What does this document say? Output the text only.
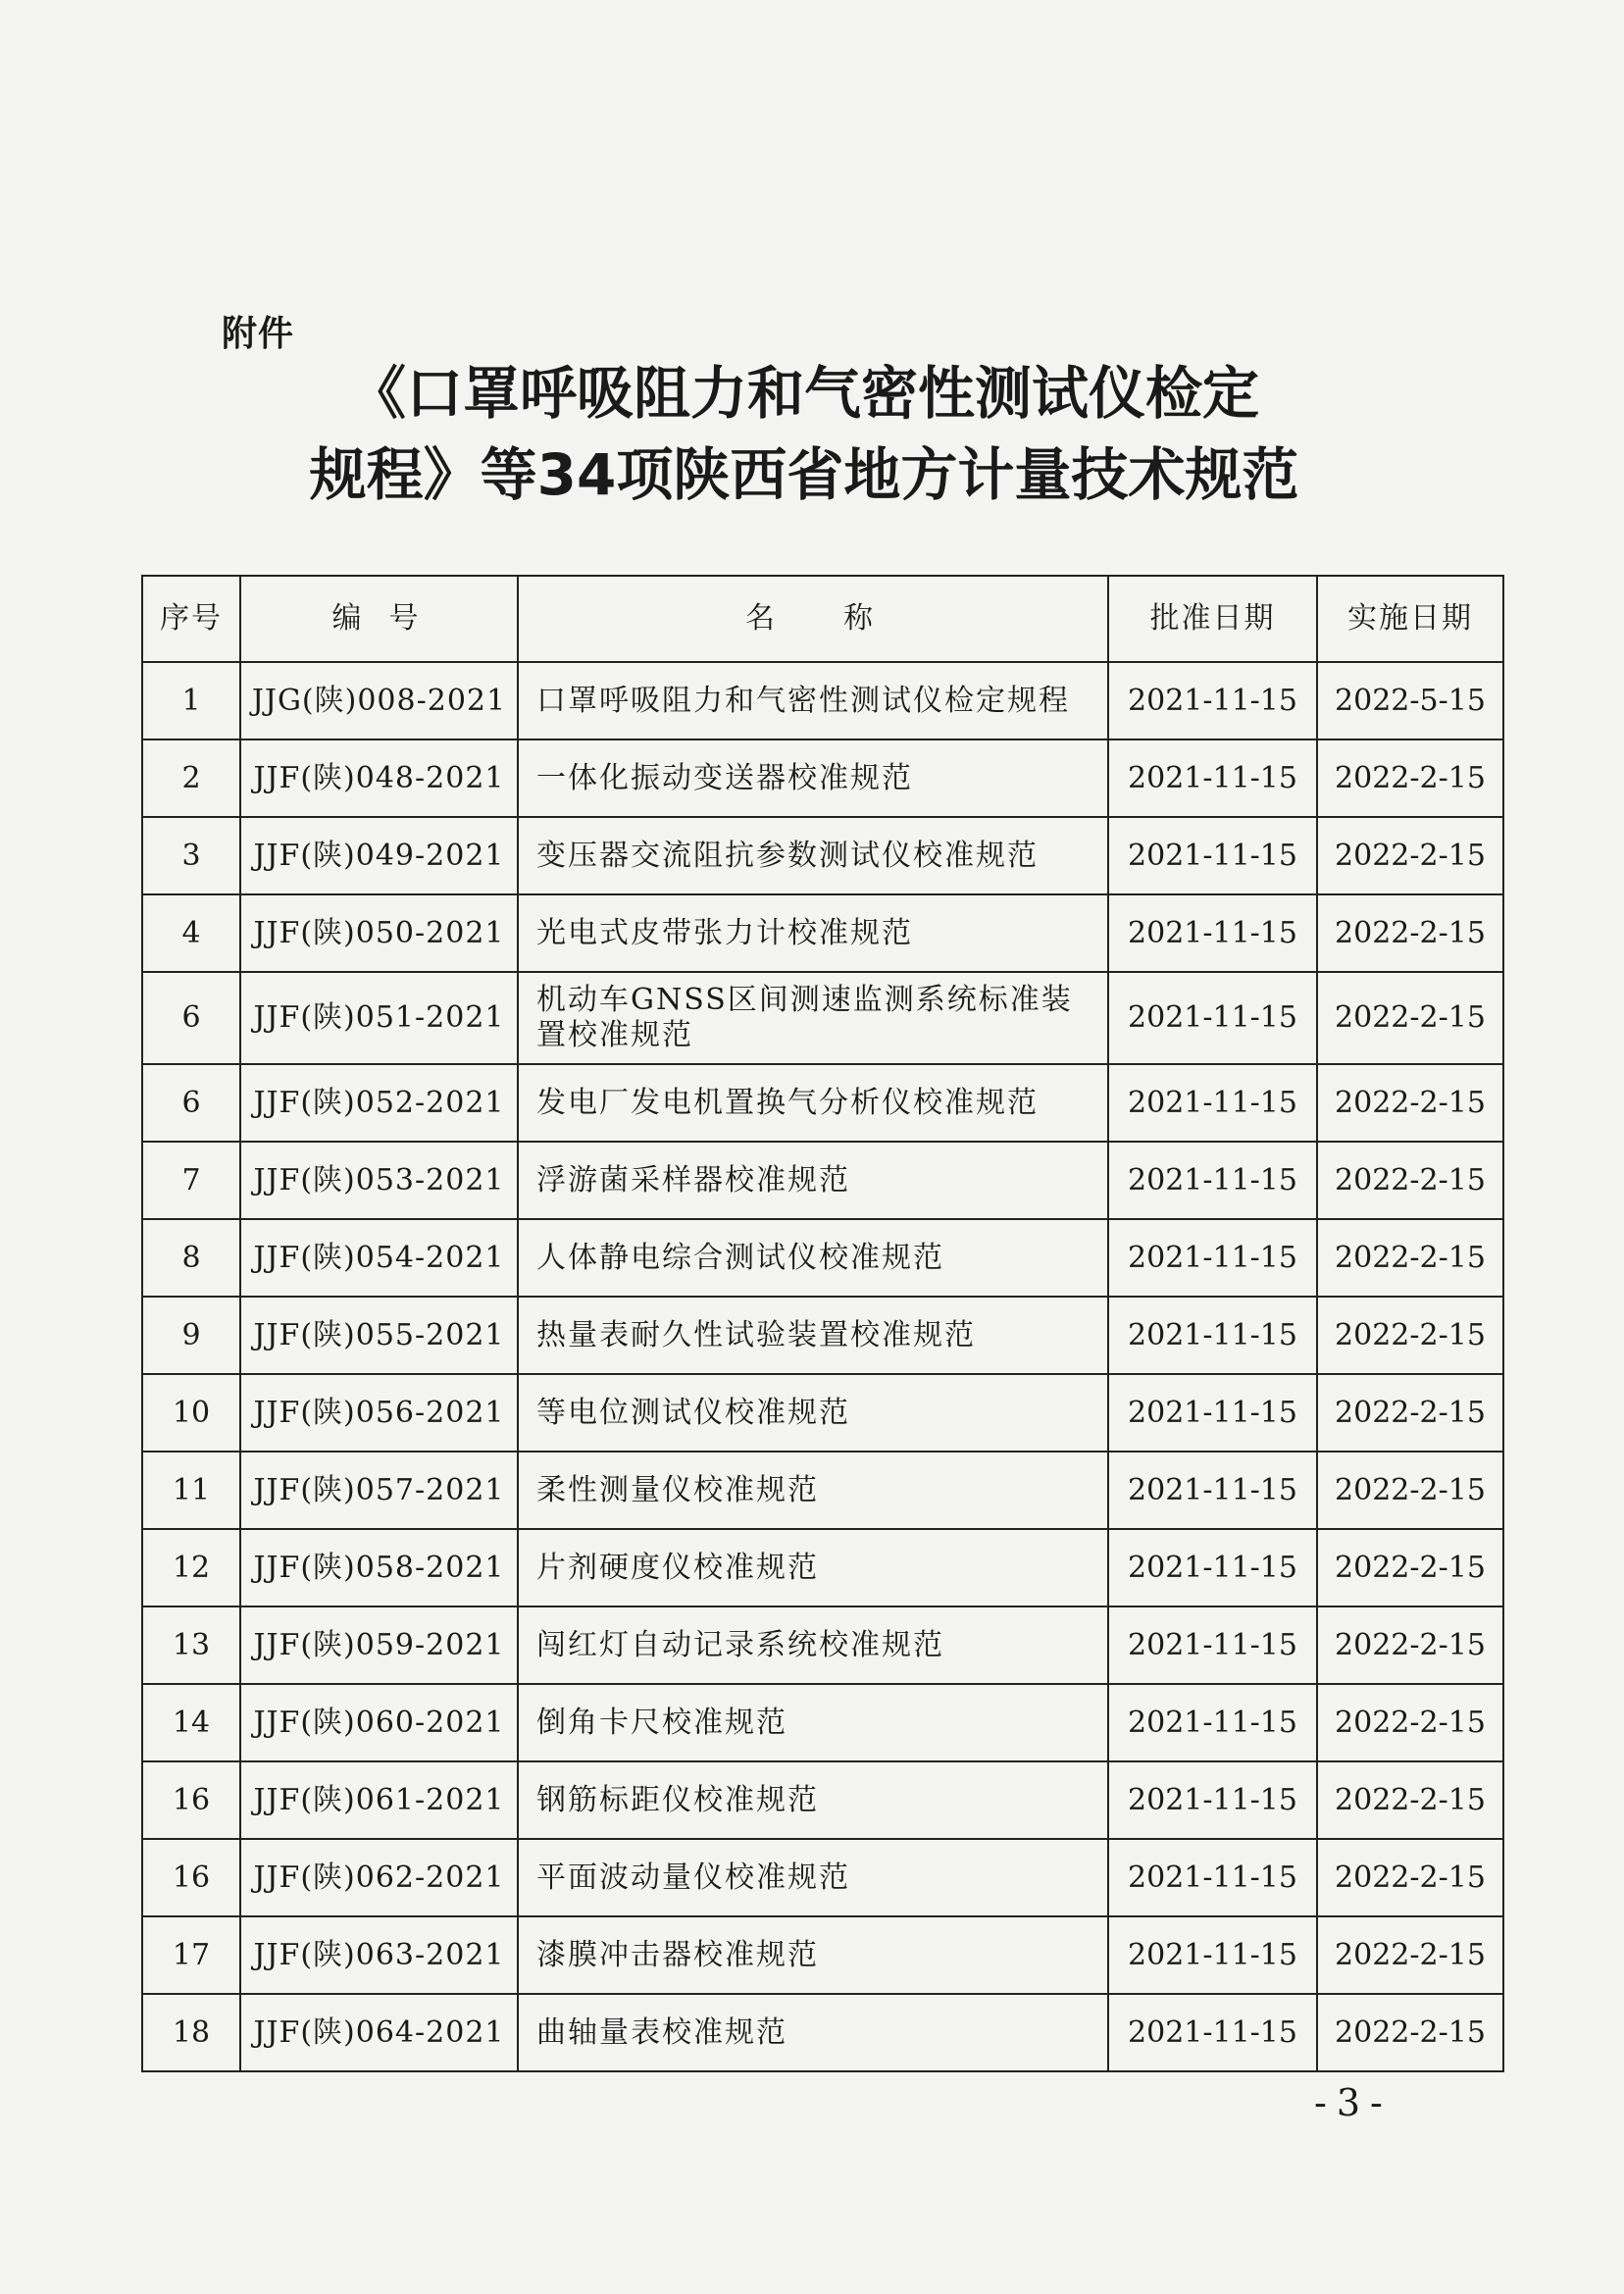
附件
《口罩呼吸阻力和气密性测试仪检定
规程》等34项陕西省地方计量技术规范
序号	编号	名称	批准日期	实施日期
1	JJG(陕)008-2021	口罩呼吸阻力和气密性测试仪检定规程	2021-11-15	2022-5-15
2	JJF(陕)048-2021	一体化振动变送器校准规范	2021-11-15	2022-2-15
3	JJF(陕)049-2021	变压器交流阻抗参数测试仪校准规范	2021-11-15	2022-2-15
4	JJF(陕)050-2021	光电式皮带张力计校准规范	2021-11-15	2022-2-15
6	JJF(陕)051-2021	机动车GNSS区间测速监测系统标准装置校准规范	2021-11-15	2022-2-15
6	JJF(陕)052-2021	发电厂发电机置换气分析仪校准规范	2021-11-15	2022-2-15
7	JJF(陕)053-2021	浮游菌采样器校准规范	2021-11-15	2022-2-15
8	JJF(陕)054-2021	人体静电综合测试仪校准规范	2021-11-15	2022-2-15
9	JJF(陕)055-2021	热量表耐久性试验装置校准规范	2021-11-15	2022-2-15
10	JJF(陕)056-2021	等电位测试仪校准规范	2021-11-15	2022-2-15
11	JJF(陕)057-2021	柔性测量仪校准规范	2021-11-15	2022-2-15
12	JJF(陕)058-2021	片剂硬度仪校准规范	2021-11-15	2022-2-15
13	JJF(陕)059-2021	闯红灯自动记录系统校准规范	2021-11-15	2022-2-15
14	JJF(陕)060-2021	倒角卡尺校准规范	2021-11-15	2022-2-15
16	JJF(陕)061-2021	钢筋标距仪校准规范	2021-11-15	2022-2-15
16	JJF(陕)062-2021	平面波动量仪校准规范	2021-11-15	2022-2-15
17	JJF(陕)063-2021	漆膜冲击器校准规范	2021-11-15	2022-2-15
18	JJF(陕)064-2021	曲轴量表校准规范	2021-11-15	2022-2-15
-3-
